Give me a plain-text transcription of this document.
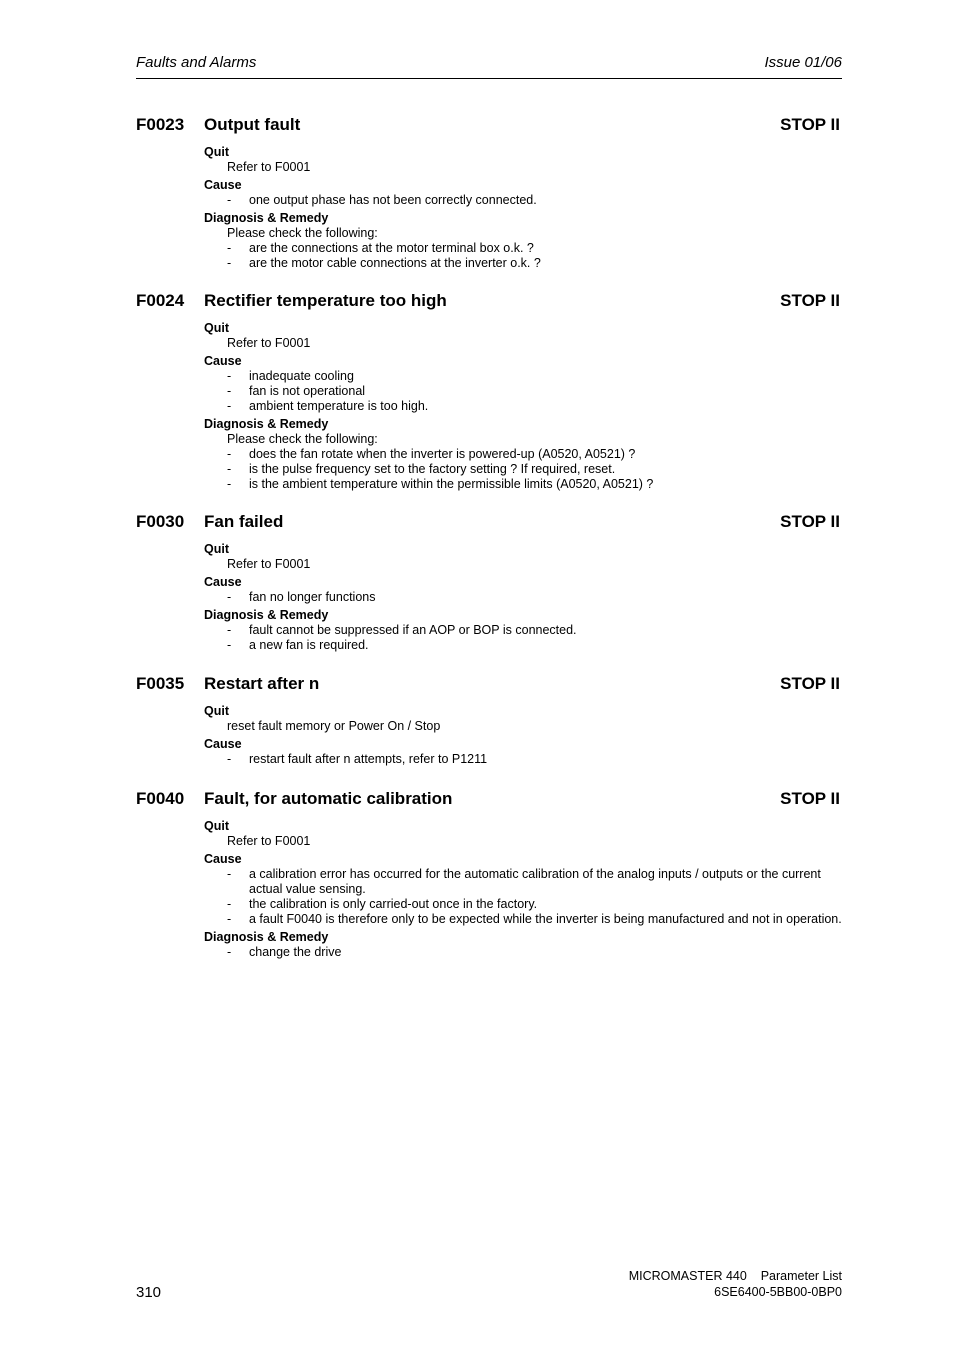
Faults and Alarms	Issue 01/06
F0023 Output fault	STOP II
Quit
Refer to F0001
Cause
- one output phase has not been correctly connected.
Diagnosis & Remedy
Please check the following:
- are the connections at the motor terminal box o.k. ?
- are the motor cable connections at the inverter o.k. ?
F0024 Rectifier temperature too high	STOP II
Quit
Refer to F0001
Cause
- inadequate cooling
- fan is not operational
- ambient temperature is too high.
Diagnosis & Remedy
Please check the following:
- does the fan rotate when the inverter is powered-up (A0520, A0521) ?
- is the pulse frequency set to the factory setting ? If required, reset.
- is the ambient temperature within the permissible limits (A0520, A0521) ?
F0030 Fan failed	STOP II
Quit
Refer to F0001
Cause
- fan no longer functions
Diagnosis & Remedy
- fault cannot be suppressed if an AOP or BOP is connected.
- a new fan is required.
F0035 Restart after n	STOP II
Quit
reset fault memory or Power On / Stop
Cause
- restart fault after n attempts, refer to P1211
F0040 Fault, for automatic calibration	STOP II
Quit
Refer to F0001
Cause
- a calibration error has occurred for the automatic calibration of the analog inputs / outputs or the current actual value sensing.
- the calibration is only carried-out once in the factory.
- a fault F0040 is therefore only to be expected while the inverter is being manufactured and not in operation.
Diagnosis & Remedy
- change the drive
310
MICROMASTER 440    Parameter List
6SE6400-5BB00-0BP0
